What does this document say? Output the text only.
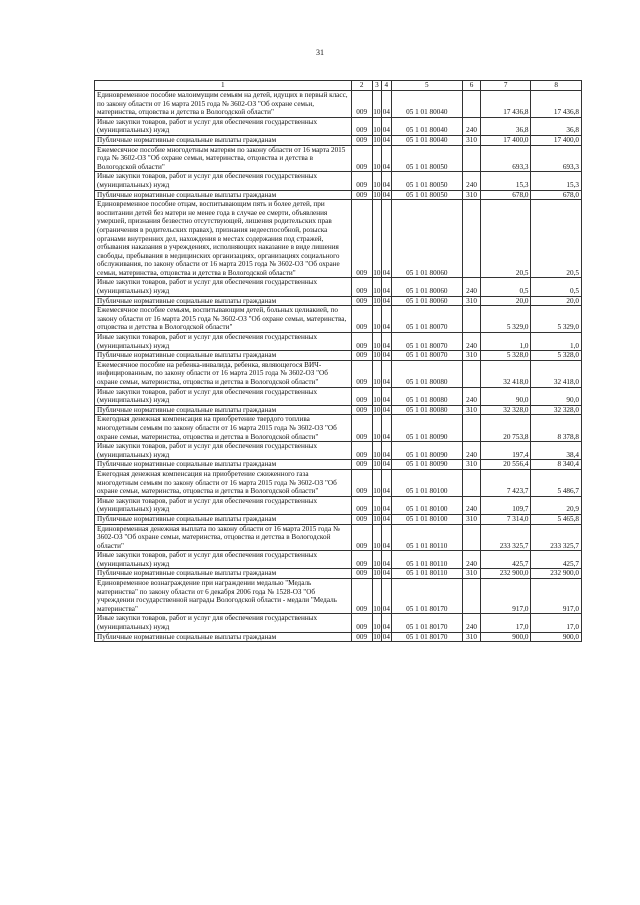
31
1	2	3	4	5	6	7	8
Единовременное пособие малоимущим семьям на детей, идущих в первый класс, по закону области от 16 марта 2015 года № 3602-ОЗ "Об охране семьи, материнства, отцовства и детства в Вологодской области"	009	10	04	05 1 01 80040		17 436,8	17 436,8
Иные закупки товаров, работ и услуг для обеспечения государственных (муниципальных) нужд	009	10	04	05 1 01 80040	240	36,8	36,8
Публичные нормативные социальные выплаты гражданам	009	10	04	05 1 01 80040	310	17 400,0	17 400,0
Ежемесячное пособие многодетным матерям по закону области от 16 марта 2015 года № 3602-ОЗ "Об охране семьи, материнства, отцовства и детства в Вологодской области"	009	10	04	05 1 01 80050		693,3	693,3
Иные закупки товаров, работ и услуг для обеспечения государственных (муниципальных) нужд	009	10	04	05 1 01 80050	240	15,3	15,3
Публичные нормативные социальные выплаты гражданам	009	10	04	05 1 01 80050	310	678,0	678,0
Единовременное пособие отцам, воспитывающим пять и более детей, при воспитании детей без матери не менее года в случае ее смерти, объявления умершей, признания безвестно отсутствующей, лишения родительских прав (ограничения в родительских правах), признания недееспособной, розыска органами внутренних дел, нахождения в местах содержания под стражей, отбывания наказания в учреждениях, исполняющих наказание в виде лишения свободы, пребывания в медицинских организациях, организациях социального обслуживания, по закону области от 16 марта 2015 года № 3602-ОЗ "Об охране семьи, материнства, отцовства и детства в Вологодской области"	009	10	04	05 1 01 80060		20,5	20,5
Иные закупки товаров, работ и услуг для обеспечения государственных (муниципальных) нужд	009	10	04	05 1 01 80060	240	0,5	0,5
Публичные нормативные социальные выплаты гражданам	009	10	04	05 1 01 80060	310	20,0	20,0
Ежемесячное пособие семьям, воспитывающим детей, больных целиакией, по закону области от 16 марта 2015 года № 3602-ОЗ "Об охране семьи, материнства, отцовства и детства в Вологодской области"	009	10	04	05 1 01 80070		5 329,0	5 329,0
Иные закупки товаров, работ и услуг для обеспечения государственных (муниципальных) нужд	009	10	04	05 1 01 80070	240	1,0	1,0
Публичные нормативные социальные выплаты гражданам	009	10	04	05 1 01 80070	310	5 328,0	5 328,0
Ежемесячное пособие на ребенка-инвалида, ребенка, являющегося ВИЧ-инфицированным, по закону области от 16 марта 2015 года № 3602-ОЗ "Об охране семьи, материнства, отцовства и детства в Вологодской области"	009	10	04	05 1 01 80080		32 418,0	32 418,0
Иные закупки товаров, работ и услуг для обеспечения государственных (муниципальных) нужд	009	10	04	05 1 01 80080	240	90,0	90,0
Публичные нормативные социальные выплаты гражданам	009	10	04	05 1 01 80080	310	32 328,0	32 328,0
Ежегодная денежная компенсация на приобретение твердого топлива многодетным семьям по закону области от 16 марта 2015 года № 3602-ОЗ "Об охране семьи, материнства, отцовства и детства в Вологодской области"	009	10	04	05 1 01 80090		20 753,8	8 378,8
Иные закупки товаров, работ и услуг для обеспечения государственных (муниципальных) нужд	009	10	04	05 1 01 80090	240	197,4	38,4
Публичные нормативные социальные выплаты гражданам	009	10	04	05 1 01 80090	310	20 556,4	8 340,4
Ежегодная денежная компенсация на приобретение сжиженного газа многодетным семьям по закону области от 16 марта 2015 года № 3602-ОЗ "Об охране семьи, материнства, отцовства и детства в Вологодской области"	009	10	04	05 1 01 80100		7 423,7	5 486,7
Иные закупки товаров, работ и услуг для обеспечения государственных (муниципальных) нужд	009	10	04	05 1 01 80100	240	109,7	20,9
Публичные нормативные социальные выплаты гражданам	009	10	04	05 1 01 80100	310	7 314,0	5 465,8
Единовременная денежная выплата по закону области от 16 марта 2015 года № 3602-ОЗ "Об охране семьи, материнства, отцовства и детства в Вологодской области"	009	10	04	05 1 01 80110		233 325,7	233 325,7
Иные закупки товаров, работ и услуг для обеспечения государственных (муниципальных) нужд	009	10	04	05 1 01 80110	240	425,7	425,7
Публичные нормативные социальные выплаты гражданам	009	10	04	05 1 01 80110	310	232 900,0	232 900,0
Единовременное вознаграждение при награждении медалью "Медаль материнства" по закону области от 6 декабря 2006 года № 1528-ОЗ "Об учреждении государственной награды Вологодской области - медали "Медаль материнства"	009	10	04	05 1 01 80170		917,0	917,0
Иные закупки товаров, работ и услуг для обеспечения государственных (муниципальных) нужд	009	10	04	05 1 01 80170	240	17,0	17,0
Публичные нормативные социальные выплаты гражданам	009	10	04	05 1 01 80170	310	900,0	900,0
